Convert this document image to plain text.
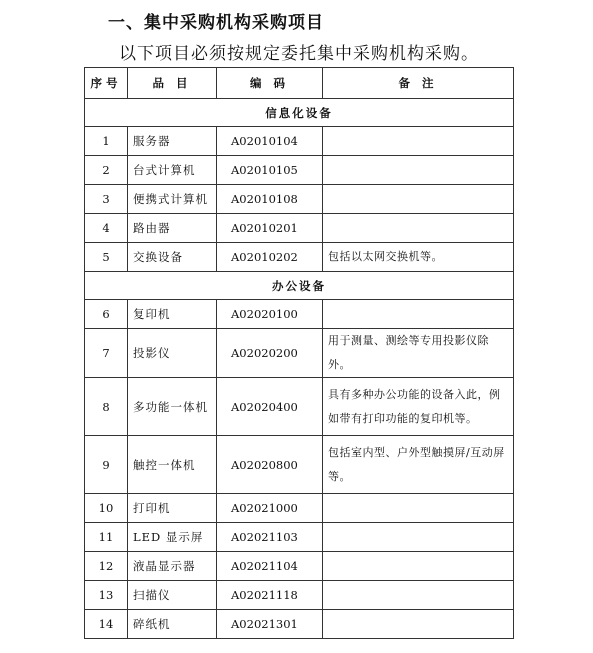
一、集中采购机构采购项目
以下项目必须按规定委托集中采购机构采购。
序号	品 目	编 码	备 注
信息化设备			
1	服务器	A02010104	
2	台式计算机	A02010105	
3	便携式计算机	A02010108	
4	路由器	A02010201	
5	交换设备	A02010202	包括以太网交换机等。
办公设备			
6	复印机	A02020100	
7	投影仪	A02020200	用于测量、测绘等专用投影仪除外。
8	多功能一体机	A02020400	具有多种办公功能的设备入此，例如带有打印功能的复印机等。
9	触控一体机	A02020800	包括室内型、户外型触摸屏/互动屏等。
10	打印机	A02021000	
11	LED 显示屏	A02021103	
12	液晶显示器	A02021104	
13	扫描仪	A02021118	
14	碎纸机	A02021301	
